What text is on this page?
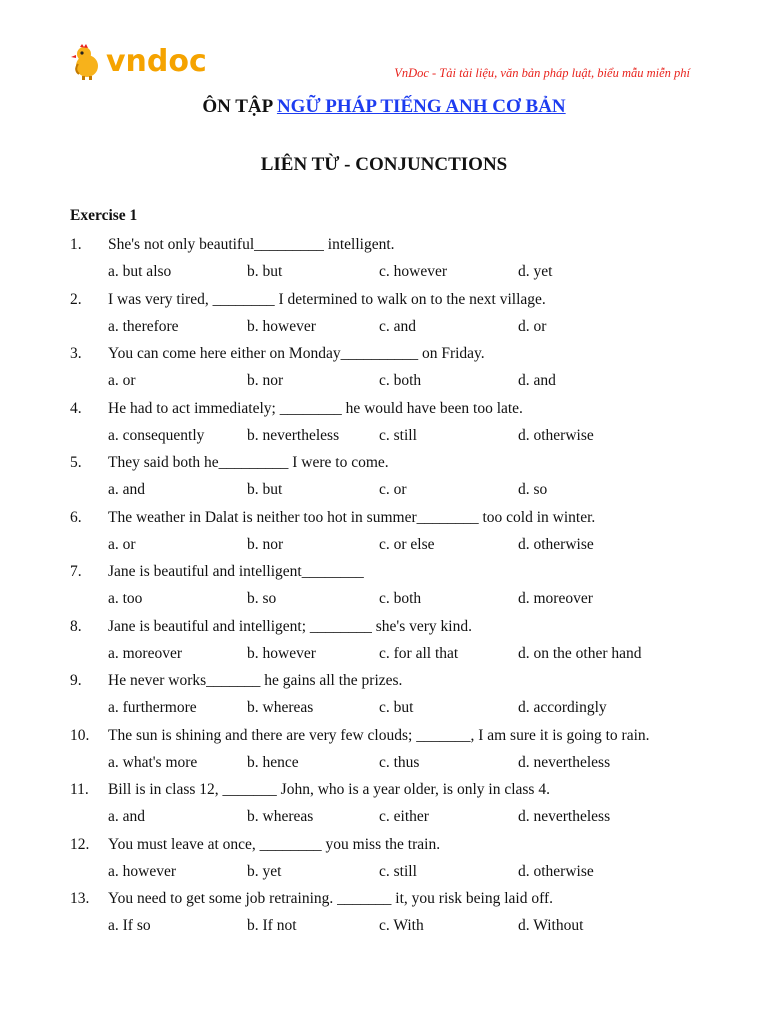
vndoc	VnDoc - Tải tài liệu, văn bản pháp luật, biểu mẫu miễn phí
ÔN TẬP NGỮ PHÁP TIẾNG ANH CƠ BẢN
LIÊN TỪ - CONJUNCTIONS
Exercise 1
1. She's not only beautiful_________ intelligent.
a. but also	b. but	c. however	d. yet
2. I was very tired, ________ I determined to walk on to the next village.
a. therefore	b. however	c. and	d. or
3. You can come here either on Monday__________ on Friday.
a. or	b. nor	c. both	d. and
4. He had to act immediately; ________ he would have been too late.
a. consequently	b. nevertheless	c. still	d. otherwise
5. They said both he_________ I were to come.
a. and	b. but	c. or	d. so
6. The weather in Dalat is neither too hot in summer________ too cold in winter.
a. or	b. nor	c. or else	d. otherwise
7. Jane is beautiful and intelligent________
a. too	b. so	c. both	d. moreover
8. Jane is beautiful and intelligent; ________ she's very kind.
a. moreover	b. however	c. for all that	d. on the other hand
9. He never works_______ he gains all the prizes.
a. furthermore	b. whereas	c. but	d. accordingly
10. The sun is shining and there are very few clouds; _______, I am sure it is going to rain.
a. what's more	b. hence	c. thus	d. nevertheless
11. Bill is in class 12, _______ John, who is a year older, is only in class 4.
a. and	b. whereas	c. either	d. nevertheless
12. You must leave at once, ________ you miss the train.
a. however	b. yet	c. still	d. otherwise
13. You need to get some job retraining. _______ it, you risk being laid off.
a. If so	b. If not	c. With	d. Without
